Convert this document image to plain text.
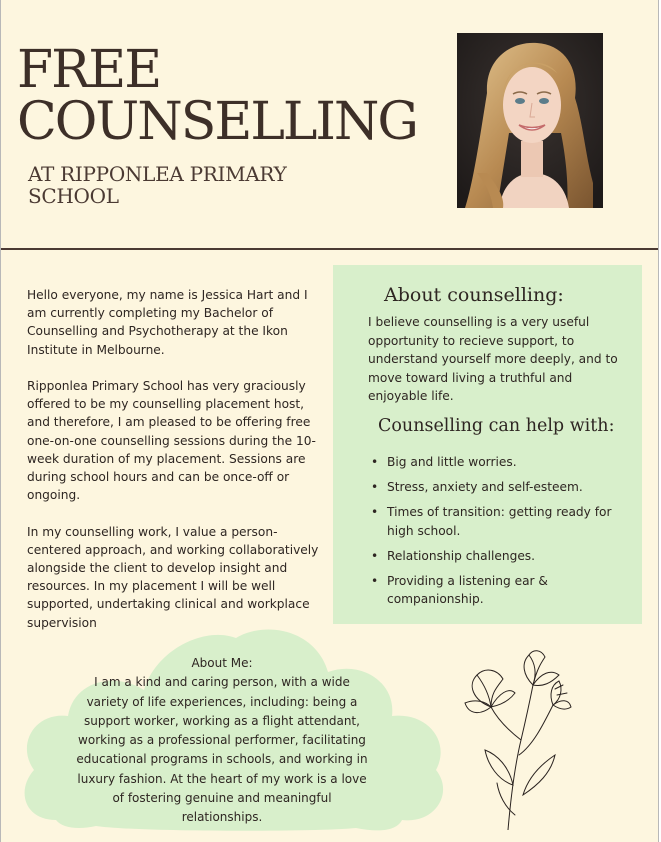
FREE
COUNSELLING
AT RIPPONLEA PRIMARY
SCHOOL

Hello everyone, my name is Jessica Hart and I am currently completing my Bachelor of Counselling and Psychotherapy at the Ikon Institute in Melbourne.

Ripponlea Primary School has very graciously offered to be my counselling placement host, and therefore, I am pleased to be offering free one-on-one counselling sessions during the 10-week duration of my placement. Sessions are during school hours and can be once-off or ongoing.

In my counselling work, I value a person-centered approach, and working collaboratively alongside the client to develop insight and resources. In my placement I will be well supported, undertaking clinical and workplace supervision

About counselling:
I believe counselling is a very useful opportunity to recieve support, to understand yourself more deeply, and to move toward living a truthful and enjoyable life.
Counselling can help with:
• Big and little worries.
• Stress, anxiety and self-esteem.
• Times of transition: getting ready for high school.
• Relationship challenges.
• Providing a listening ear & companionship.
About Me:
I am a kind and caring person, with a wide variety of life experiences, including: being a support worker, working as a flight attendant, working as a professional performer, facilitating educational programs in schools, and working in luxury fashion. At the heart of my work is a love of fostering genuine and meaningful relationships.
